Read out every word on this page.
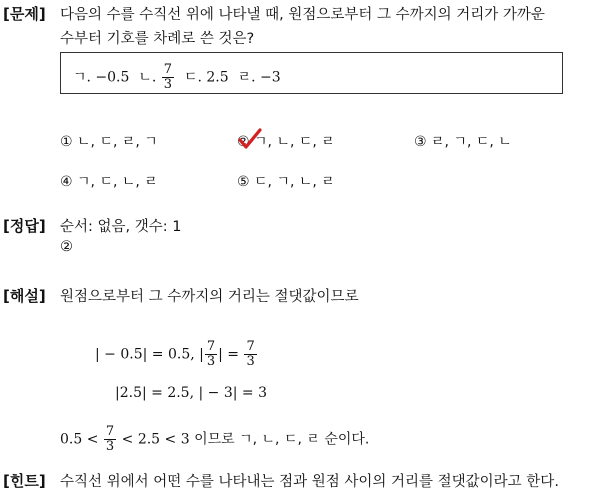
[문제] 다음의 수를 수직선 위에 나타낼 때, 원점으로부터 그 수까지의 거리가 가까운
수부터 기호를 차례로 쓴 것은?
ㄱ. −0.5 ㄴ. $\frac{7}{3}$ ㄷ. 2.5 ㄹ. −3
① ㄴ, ㄷ, ㄹ, ㄱ	② ㄱ, ㄴ, ㄷ, ㄹ	③ ㄹ, ㄱ, ㄷ, ㄴ
④ ㄱ, ㄷ, ㄴ, ㄹ	⑤ ㄷ, ㄱ, ㄴ, ㄹ
[정답] 순서: 없음, 갯수: 1
②
[해설] 원점으로부터 그 수까지의 거리는 절댓값이므로
| − 0.5| = 0.5, | $\frac{7}{3}$ | = $\frac{7}{3}$
|2.5| = 2.5, | − 3| = 3
$0.5 < \frac{7}{3} < 2.5 < 3$ 이므로 ㄱ, ㄴ, ㄷ, ㄹ 순이다.
[힌트] 수직선 위에서 어떤 수를 나타내는 점과 원점 사이의 거리를 절댓값이라고 한다.
